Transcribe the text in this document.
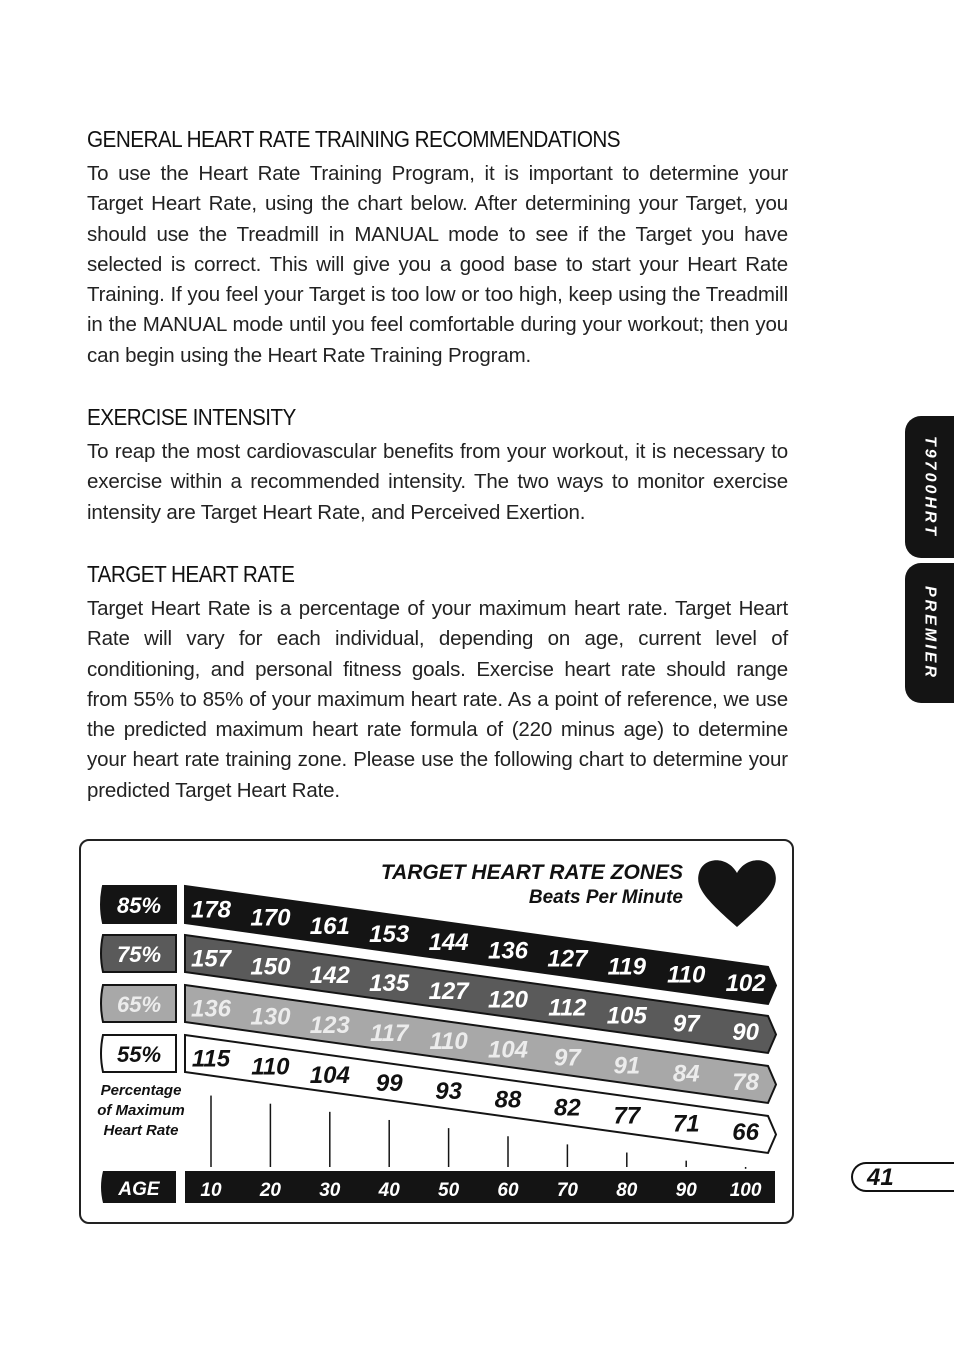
GENERAL HEART RATE TRAINING RECOMMENDATIONS

To use the Heart Rate Training Program, it is important to determine your Target Heart Rate, using the chart below. After determining your Target, you should use the Treadmill in MANUAL mode to see if the Target you have selected is correct. This will give you a good base to start your Heart Rate Training. If you feel your Target is too low or too high, keep using the Treadmill in the MANUAL mode until you feel comfortable during your workout; then you can begin using the Heart Rate Training Program.

EXERCISE INTENSITY

To reap the most cardiovascular benefits from your workout, it is necessary to exercise within a recommended intensity. The two ways to monitor exercise intensity are Target Heart Rate, and Perceived Exertion.

TARGET HEART RATE

Target Heart Rate is a percentage of your maximum heart rate. Target Heart Rate will vary for each individual, depending on age, current level of conditioning, and personal fitness goals. Exercise heart rate should range from 55% to 85% of your maximum heart rate. As a point of reference, we use the predicted maximum heart rate formula of (220 minus age) to determine your heart rate training zone. Please use the following chart to determine your predicted Target Heart Rate.

T9700HRT
PREMIER
41
TARGET HEART RATE ZONES
Beats Per Minute
85% 178 170 161 153 144 136 127 119 110 102
75% 157 150 142 135 127 120 112 105 97 90
65% 136 130 123 117 110 104 97 91 84 78
55% 115 110 104 99 93 88 82 77 71 66
Percentage
of Maximum
Heart Rate
AGE 10 20 30 40 50 60 70 80 90 100
